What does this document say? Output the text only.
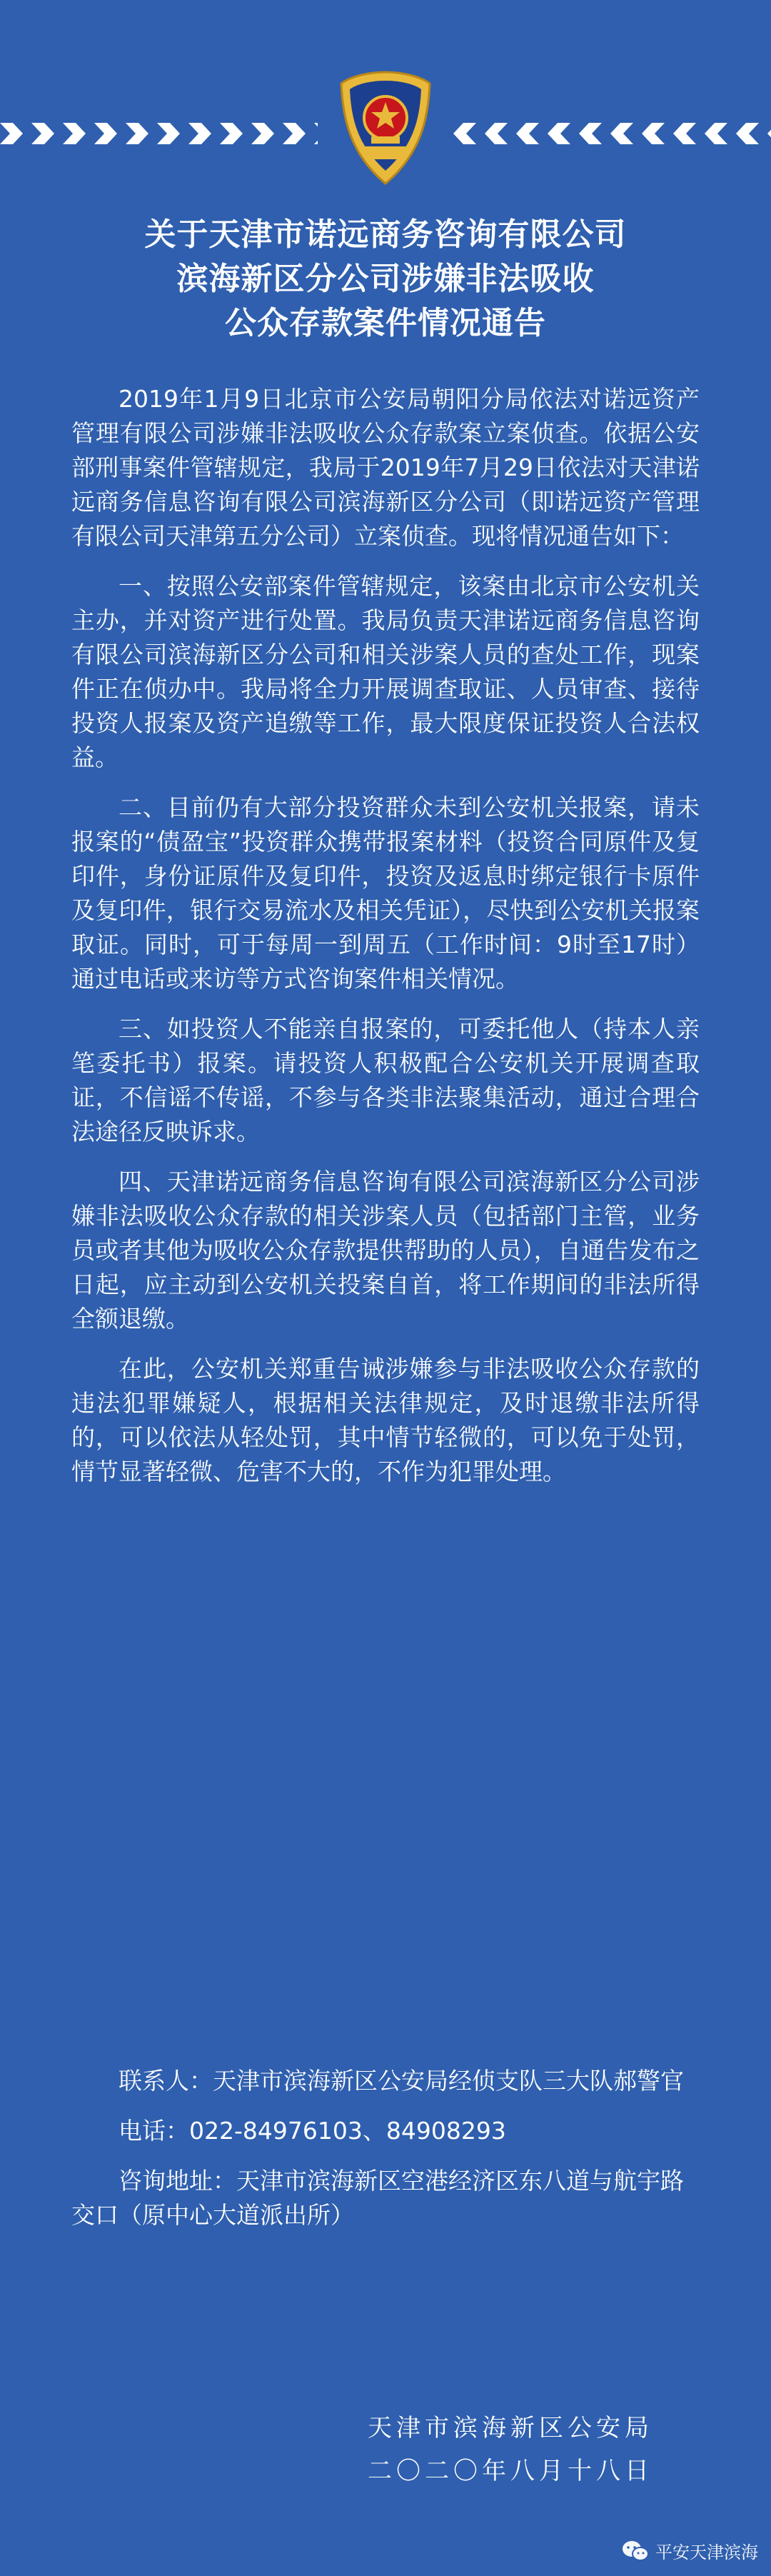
关于天津市诺远商务咨询有限公司
滨海新区分公司涉嫌非法吸收
公众存款案件情况通告

2019年1月9日北京市公安局朝阳分局依法对诺远资产管理有限公司涉嫌非法吸收公众存款案立案侦查。依据公安部刑事案件管辖规定，我局于2019年7月29日依法对天津诺远商务信息咨询有限公司滨海新区分公司（即诺远资产管理有限公司天津第五分公司）立案侦查。现将情况通告如下：

一、按照公安部案件管辖规定，该案由北京市公安机关主办，并对资产进行处置。我局负责天津诺远商务信息咨询有限公司滨海新区分公司和相关涉案人员的查处工作，现案件正在侦办中。我局将全力开展调查取证、人员审查、接待投资人报案及资产追缴等工作，最大限度保证投资人合法权益。

二、目前仍有大部分投资群众未到公安机关报案，请未报案的“债盈宝”投资群众携带报案材料（投资合同原件及复印件，身份证原件及复印件，投资及返息时绑定银行卡原件及复印件，银行交易流水及相关凭证），尽快到公安机关报案取证。同时，可于每周一到周五（工作时间：9时至17时）通过电话或来访等方式咨询案件相关情况。

三、如投资人不能亲自报案的，可委托他人（持本人亲笔委托书）报案。请投资人积极配合公安机关开展调查取证，不信谣不传谣，不参与各类非法聚集活动，通过合理合法途径反映诉求。

四、天津诺远商务信息咨询有限公司滨海新区分公司涉嫌非法吸收公众存款的相关涉案人员（包括部门主管，业务员或者其他为吸收公众存款提供帮助的人员），自通告发布之日起，应主动到公安机关投案自首，将工作期间的非法所得全额退缴。

在此，公安机关郑重告诫涉嫌参与非法吸收公众存款的违法犯罪嫌疑人，根据相关法律规定，及时退缴非法所得的，可以依法从轻处罚，其中情节轻微的，可以免于处罚，情节显著轻微、危害不大的，不作为犯罪处理。

联系人：天津市滨海新区公安局经侦支队三大队郝警官

电话：022-84976103、84908293

咨询地址：天津市滨海新区空港经济区东八道与航宇路交口（原中心大道派出所）

天津市滨海新区公安局
二〇二〇年八月十八日
平安天津滨海
